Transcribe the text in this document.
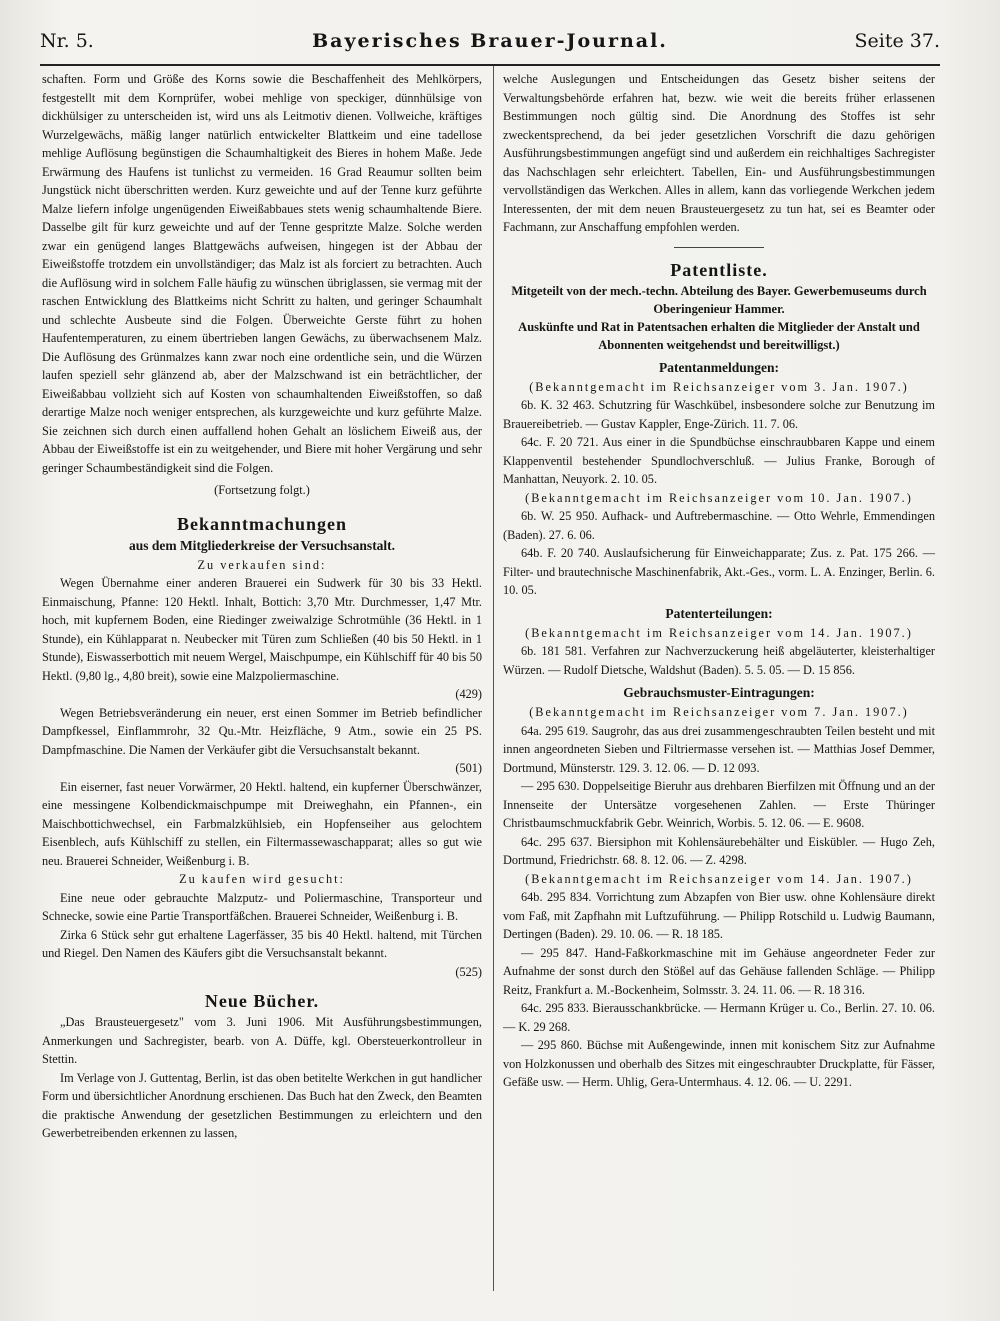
Nr. 5.	Bayerisches Brauer-Journal.	Seite 37.

schaften. Form und Größe des Korns sowie die Beschaffenheit des Mehlkörpers, festgestellt mit dem Kornprüfer, wobei mehlige von speckiger, dünnhülsige von dickhülsiger zu unterscheiden ist, wird uns als Leitmotiv dienen. Vollweiche, kräftiges Wurzelgewächs, mäßig langer natürlich entwickelter Blattkeim und eine tadellose mehlige Auflösung begünstigen die Schaumhaltigkeit des Bieres in hohem Maße. Jede Erwärmung des Haufens ist tunlichst zu vermeiden. 16 Grad Reaumur sollten beim Jungstück nicht überschritten werden. Kurz geweichte und auf der Tenne kurz geführte Malze liefern infolge ungenügenden Eiweißabbaues stets wenig schaumhaltende Biere. Dasselbe gilt für kurz geweichte und auf der Tenne gespritzte Malze. Solche werden zwar ein genügend langes Blattgewächs aufweisen, hingegen ist der Abbau der Eiweißstoffe trotzdem ein unvollständiger; das Malz ist als forciert zu betrachten. Auch die Auflösung wird in solchem Falle häufig zu wünschen übriglassen, sie vermag mit der raschen Entwicklung des Blattkeims nicht Schritt zu halten, und geringer Schaumhalt und schlechte Ausbeute sind die Folgen. Überweichte Gerste führt zu hohen Haufentemperaturen, zu einem übertrieben langen Gewächs, zu überwachsenem Malz. Die Auflösung des Grünmalzes kann zwar noch eine ordentliche sein, und die Würzen laufen speziell sehr glänzend ab, aber der Malzschwand ist ein beträchtlicher, der Eiweißabbau vollzieht sich auf Kosten von schaumhaltenden Eiweißstoffen, so daß derartige Malze noch weniger entsprechen, als kurzgeweichte und kurz geführte Malze. Sie zeichnen sich durch einen auffallend hohen Gehalt an löslichem Eiweiß aus, der Abbau der Eiweißstoffe ist ein zu weitgehender, und Biere mit hoher Vergärung und sehr geringer Schaumbeständigkeit sind die Folgen.

(Fortsetzung folgt.)

Bekanntmachungen
aus dem Mitgliederkreise der Versuchsanstalt.

Zu verkaufen sind:

Wegen Übernahme einer anderen Brauerei ein Sudwerk für 30 bis 33 Hektl. Einmaischung, Pfanne: 120 Hektl. Inhalt, Bottich: 3,70 Mtr. Durchmesser, 1,47 Mtr. hoch, mit kupfernem Boden, eine Riedinger zweiwalzige Schrotmühle (36 Hektl. in 1 Stunde), ein Kühlapparat n. Neubecker mit Türen zum Schließen (40 bis 50 Hektl. in 1 Stunde), Eiswasserbottich mit neuem Wergel, Maischpumpe, ein Kühlschiff für 40 bis 50 Hektl. (9,80 lg., 4,80 breit), sowie eine Malzpoliermaschine.
(429)

Wegen Betriebsveränderung ein neuer, erst einen Sommer im Betrieb befindlicher Dampfkessel, Einflammrohr, 32 Qu.-Mtr. Heizfläche, 9 Atm., sowie ein 25 PS. Dampfmaschine. Die Namen der Verkäufer gibt die Versuchsanstalt bekannt.
(501)

Ein eiserner, fast neuer Vorwärmer, 20 Hektl. haltend, ein kupferner Überschwänzer, eine messingene Kolbendickmaischpumpe mit Dreiweghahn, ein Pfannen-, ein Maischbottichwechsel, ein Farbmalzkühlsieb, ein Hopfenseiher aus gelochtem Eisenblech, aufs Kühlschiff zu stellen, ein Filtermassewaschapparat; alles so gut wie neu. Brauerei Schneider, Weißenburg i. B.

Zu kaufen wird gesucht:

Eine neue oder gebrauchte Malzputz- und Poliermaschine, Transporteur und Schnecke, sowie eine Partie Transportfäßchen. Brauerei Schneider, Weißenburg i. B.

Zirka 6 Stück sehr gut erhaltene Lagerfässer, 35 bis 40 Hektl. haltend, mit Türchen und Riegel. Den Namen des Käufers gibt die Versuchsanstalt bekannt.
(525)

Neue Bücher.

„Das Brausteuergesetz" vom 3. Juni 1906. Mit Ausführungsbestimmungen, Anmerkungen und Sachregister, bearb. von A. Düffe, kgl. Obersteuerkontrolleur in Stettin.

Im Verlage von J. Guttentag, Berlin, ist das oben betitelte Werkchen in gut handlicher Form und übersichtlicher Anordnung erschienen. Das Buch hat den Zweck, den Beamten die praktische Anwendung der gesetzlichen Bestimmungen zu erleichtern und den Gewerbetreibenden erkennen zu lassen,

welche Auslegungen und Entscheidungen das Gesetz bisher seitens der Verwaltungsbehörde erfahren hat, bezw. wie weit die bereits früher erlassenen Bestimmungen noch gültig sind. Die Anordnung des Stoffes ist sehr zweckentsprechend, da bei jeder gesetzlichen Vorschrift die dazu gehörigen Ausführungsbestimmungen angefügt sind und außerdem ein reichhaltiges Sachregister das Nachschlagen sehr erleichtert. Tabellen, Ein- und Ausführungsbestimmungen vervollständigen das Werkchen. Alles in allem, kann das vorliegende Werkchen jedem Interessenten, der mit dem neuen Brausteuergesetz zu tun hat, sei es Beamter oder Fachmann, zur Anschaffung empfohlen werden.

Patentliste.
Mitgeteilt von der mech.-techn. Abteilung des Bayer. Gewerbemuseums durch Oberingenieur Hammer.
Auskünfte und Rat in Patentsachen erhalten die Mitglieder der Anstalt und Abonnenten weitgehendst und bereitwilligst.)
Patentanmeldungen:

(Bekanntgemacht im Reichsanzeiger vom 3. Jan. 1907.)

6b. K. 32 463. Schutzring für Waschkübel, insbesondere solche zur Benutzung im Brauereibetrieb. — Gustav Kappler, Enge-Zürich. 11. 7. 06.

64c. F. 20 721. Aus einer in die Spundbüchse einschraubbaren Kappe und einem Klappenventil bestehender Spundlochverschluß. — Julius Franke, Borough of Manhattan, Neuyork. 2. 10. 05.

(Bekanntgemacht im Reichsanzeiger vom 10. Jan. 1907.)

6b. W. 25 950. Aufhack- und Auftrebermaschine. — Otto Wehrle, Emmendingen (Baden). 27. 6. 06.

64b. F. 20 740. Auslaufsicherung für Einweichapparate; Zus. z. Pat. 175 266. — Filter- und brautechnische Maschinenfabrik, Akt.-Ges., vorm. L. A. Enzinger, Berlin. 6. 10. 05.

Patenterteilungen:

(Bekanntgemacht im Reichsanzeiger vom 14. Jan. 1907.)

6b. 181 581. Verfahren zur Nachverzuckerung heiß abgeläuterter, kleisterhaltiger Würzen. — Rudolf Dietsche, Waldshut (Baden). 5. 5. 05. — D. 15 856.

Gebrauchsmuster-Eintragungen:

(Bekanntgemacht im Reichsanzeiger vom 7. Jan. 1907.)

64a. 295 619. Saugrohr, das aus drei zusammengeschraubten Teilen besteht und mit innen angeordneten Sieben und Filtriermasse versehen ist. — Matthias Josef Demmer, Dortmund, Münsterstr. 129. 3. 12. 06. — D. 12 093.

— 295 630. Doppelseitige Bieruhr aus drehbaren Bierfilzen mit Öffnung und an der Innenseite der Untersätze vorgesehenen Zahlen. — Erste Thüringer Christbaumschmuckfabrik Gebr. Weinrich, Worbis. 5. 12. 06. — E. 9608.

64c. 295 637. Biersiphon mit Kohlensäurebehälter und Eiskübler. — Hugo Zeh, Dortmund, Friedrichstr. 68. 8. 12. 06. — Z. 4298.

(Bekanntgemacht im Reichsanzeiger vom 14. Jan. 1907.)

64b. 295 834. Vorrichtung zum Abzapfen von Bier usw. ohne Kohlensäure direkt vom Faß, mit Zapfhahn mit Luftzuführung. — Philipp Rotschild u. Ludwig Baumann, Dertingen (Baden). 29. 10. 06. — R. 18 185.

— 295 847. Hand-Faßkorkmaschine mit im Gehäuse angeordneter Feder zur Aufnahme der sonst durch den Stößel auf das Gehäuse fallenden Schläge. — Philipp Reitz, Frankfurt a. M.-Bockenheim, Solmsstr. 3. 24. 11. 06. — R. 18 316.

64c. 295 833. Bierausschankbrücke. — Hermann Krüger u. Co., Berlin. 27. 10. 06. — K. 29 268.

— 295 860. Büchse mit Außengewinde, innen mit konischem Sitz zur Aufnahme von Holzkonussen und oberhalb des Sitzes mit eingeschraubter Druckplatte, für Fässer, Gefäße usw. — Herm. Uhlig, Gera-Untermhaus. 4. 12. 06. — U. 2291.
